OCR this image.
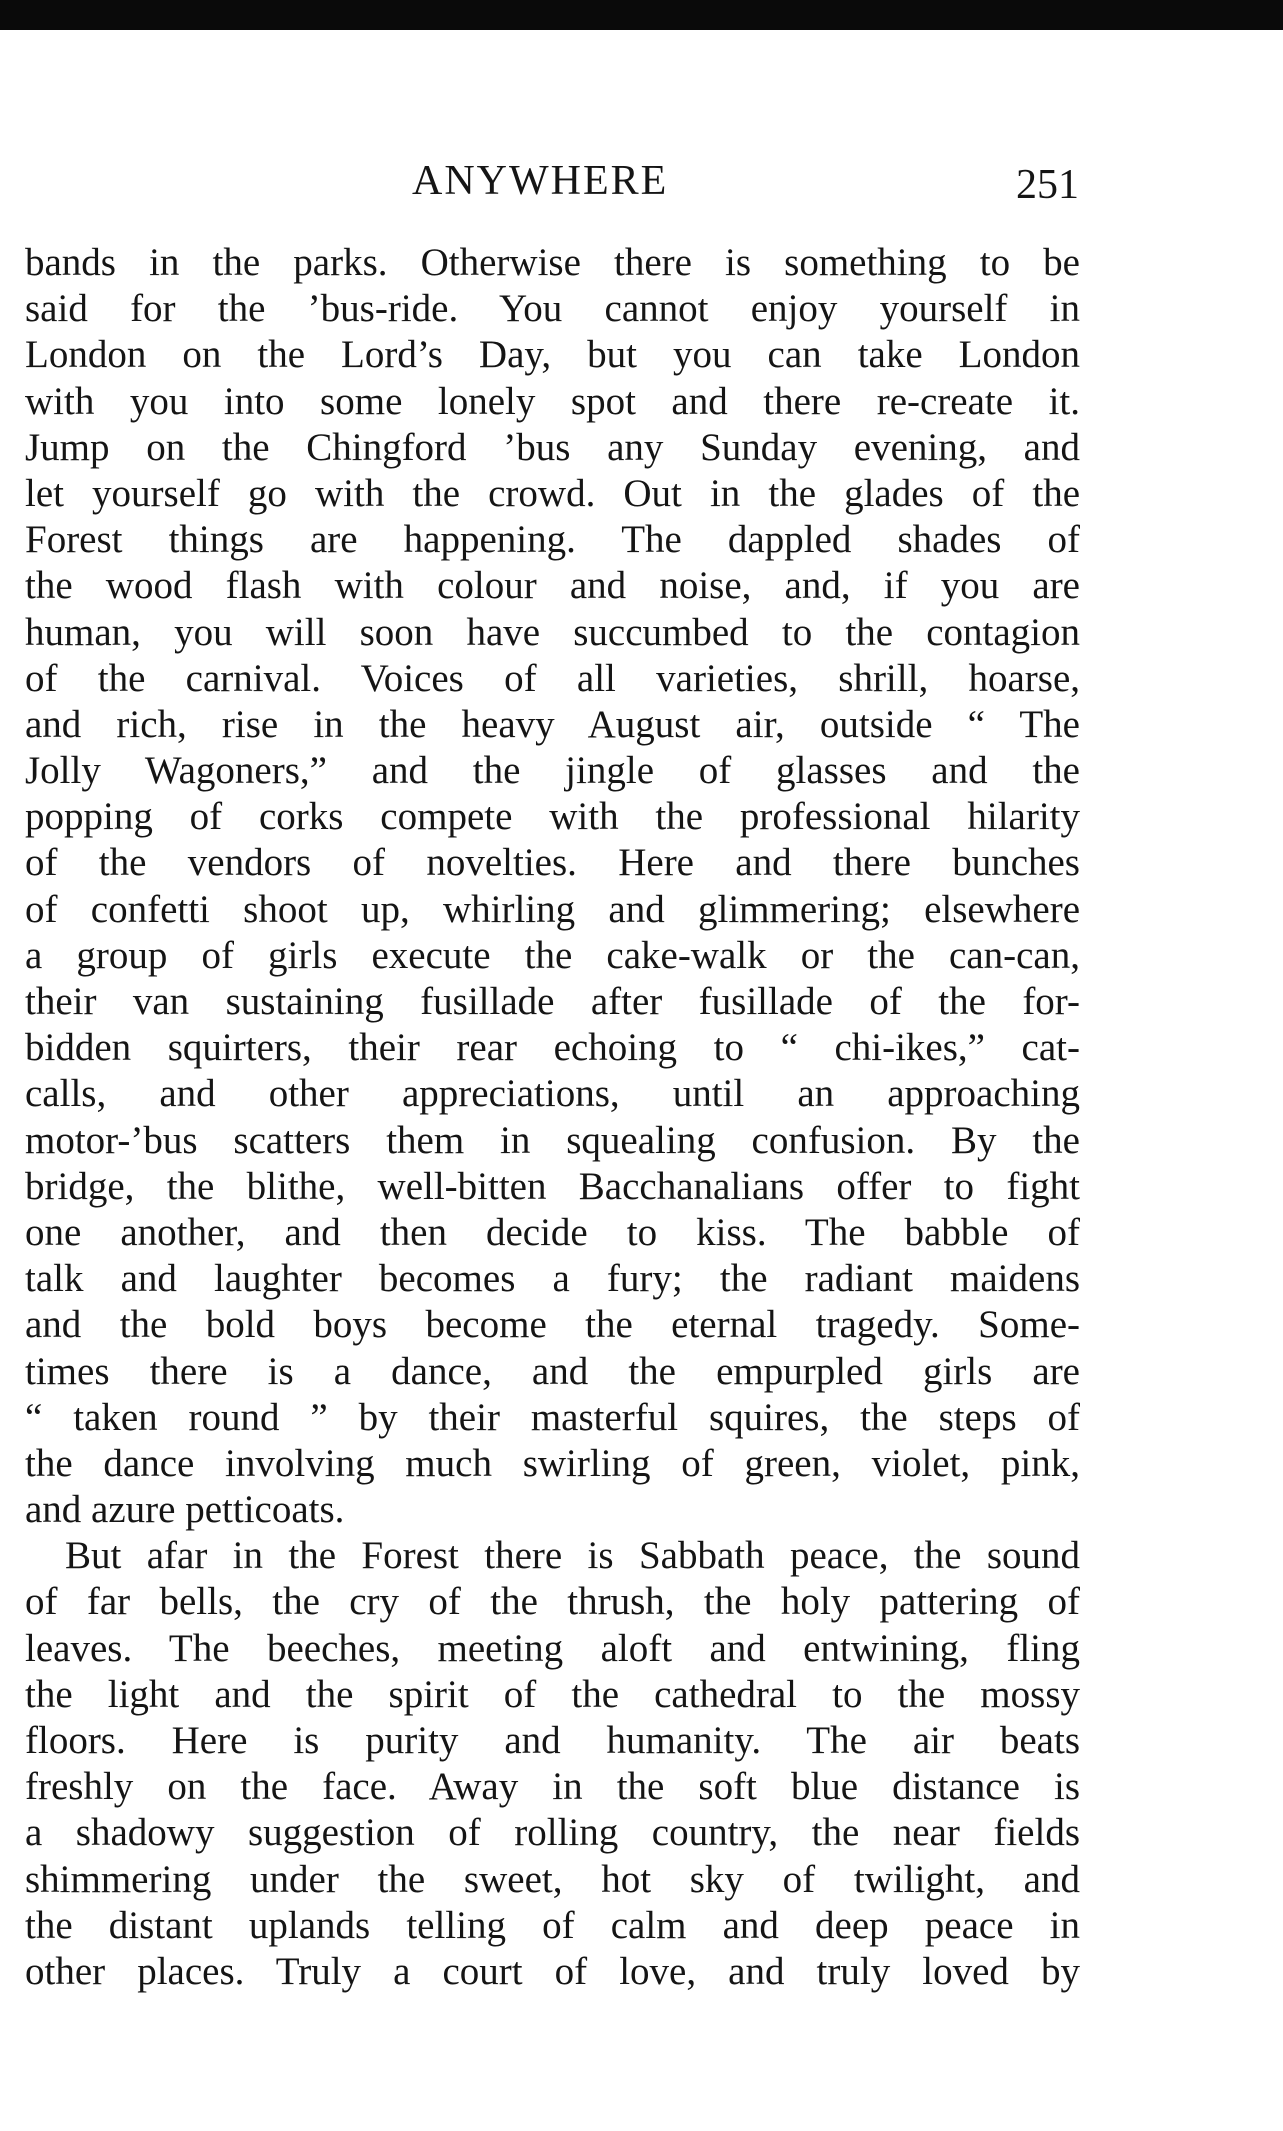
ANYWHERE	251
bands in the parks. Otherwise there is something to be
said for the ’bus-ride. You cannot enjoy yourself in
London on the Lord’s Day, but you can take London
with you into some lonely spot and there re-create it.
Jump on the Chingford ’bus any Sunday evening, and
let yourself go with the crowd. Out in the glades of the
Forest things are happening. The dappled shades of
the wood flash with colour and noise, and, if you are
human, you will soon have succumbed to the contagion
of the carnival. Voices of all varieties, shrill, hoarse,
and rich, rise in the heavy August air, outside “ The
Jolly Wagoners,” and the jingle of glasses and the
popping of corks compete with the professional hilarity
of the vendors of novelties. Here and there bunches
of confetti shoot up, whirling and glimmering; elsewhere
a group of girls execute the cake-walk or the can-can,
their van sustaining fusillade after fusillade of the for-
bidden squirters, their rear echoing to “ chi-ikes,” cat-
calls, and other appreciations, until an approaching
motor-’bus scatters them in squealing confusion. By the
bridge, the blithe, well-bitten Bacchanalians offer to fight
one another, and then decide to kiss. The babble of
talk and laughter becomes a fury; the radiant maidens
and the bold boys become the eternal tragedy. Some-
times there is a dance, and the empurpled girls are
“ taken round ” by their masterful squires, the steps of
the dance involving much swirling of green, violet, pink,
and azure petticoats.
But afar in the Forest there is Sabbath peace, the sound
of far bells, the cry of the thrush, the holy pattering of
leaves. The beeches, meeting aloft and entwining, fling
the light and the spirit of the cathedral to the mossy
floors. Here is purity and humanity. The air beats
freshly on the face. Away in the soft blue distance is
a shadowy suggestion of rolling country, the near fields
shimmering under the sweet, hot sky of twilight, and
the distant uplands telling of calm and deep peace in
other places. Truly a court of love, and truly loved by
